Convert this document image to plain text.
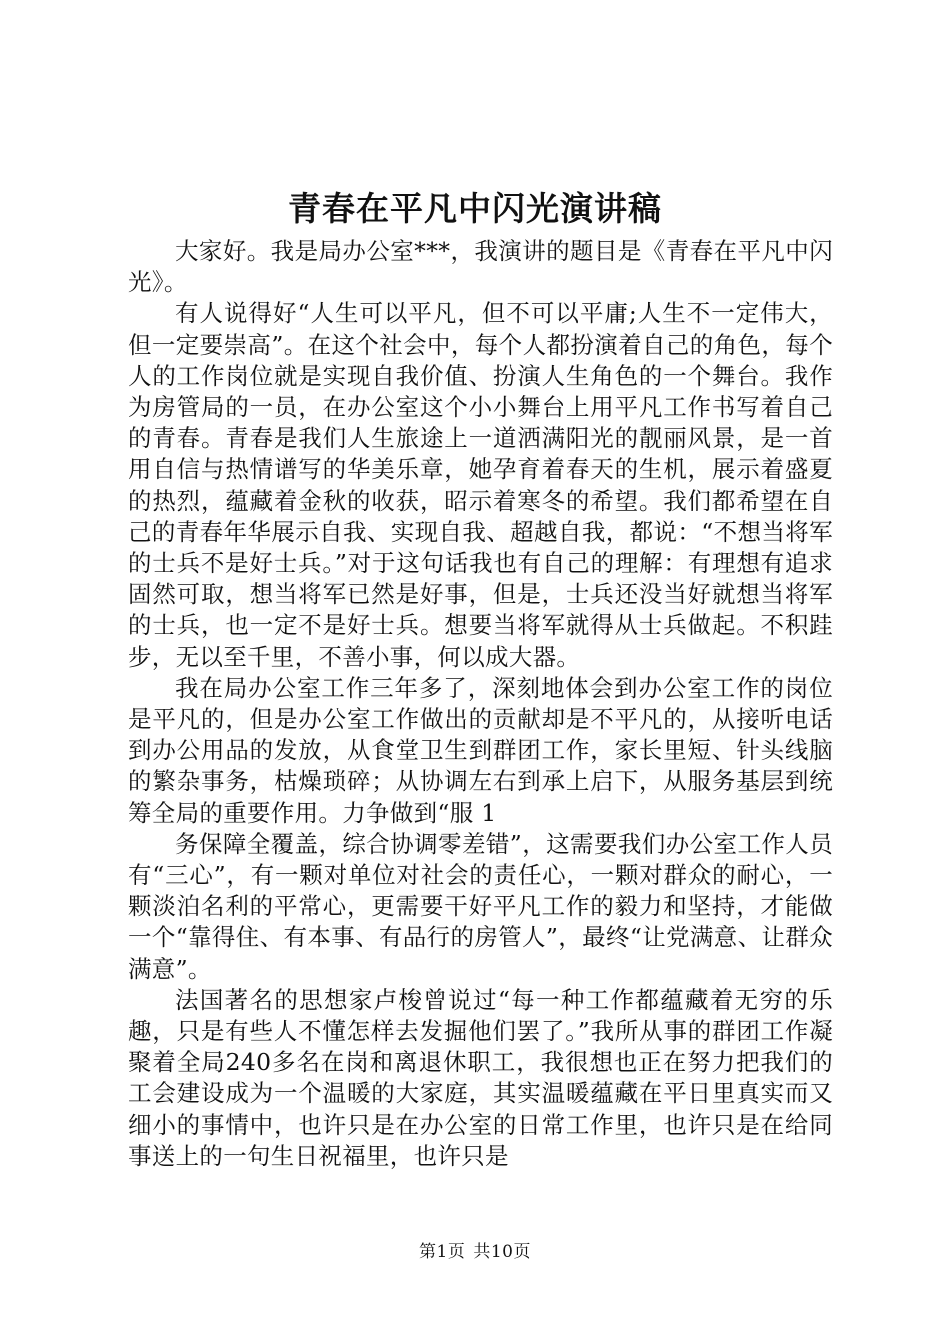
青春在平凡中闪光演讲稿

大家好。我是局办公室***，我演讲的题目是《青春在平凡中闪光》。

有人说得好“人生可以平凡，但不可以平庸;人生不一定伟大，但一定要崇高”。在这个社会中，每个人都扮演着自己的角色，每个人的工作岗位就是实现自我价值、扮演人生角色的一个舞台。我作为房管局的一员，在办公室这个小小舞台上用平凡工作书写着自己的青春。青春是我们人生旅途上一道洒满阳光的靓丽风景，是一首用自信与热情谱写的华美乐章，她孕育着春天的生机，展示着盛夏的热烈，蕴藏着金秋的收获，昭示着寒冬的希望。我们都希望在自己的青春年华展示自我、实现自我、超越自我，都说：“不想当将军的士兵不是好士兵。”对于这句话我也有自己的理解：有理想有追求固然可取，想当将军已然是好事，但是，士兵还没当好就想当将军的士兵，也一定不是好士兵。想要当将军就得从士兵做起。不积跬步，无以至千里，不善小事，何以成大器。

我在局办公室工作三年多了，深刻地体会到办公室工作的岗位是平凡的，但是办公室工作做出的贡献却是不平凡的，从接听电话到办公用品的发放，从食堂卫生到群团工作，家长里短、针头线脑的繁杂事务，枯燥琐碎；从协调左右到承上启下，从服务基层到统筹全局的重要作用。力争做到“服 1

务保障全覆盖，综合协调零差错”，这需要我们办公室工作人员有“三心”，有一颗对单位对社会的责任心，一颗对群众的耐心，一颗淡泊名利的平常心，更需要干好平凡工作的毅力和坚持，才能做一个“靠得住、有本事、有品行的房管人”，最终“让党满意、让群众满意”。

法国著名的思想家卢梭曾说过“每一种工作都蕴藏着无穷的乐趣，只是有些人不懂怎样去发掘他们罢了。”我所从事的群团工作凝聚着全局240多名在岗和离退休职工，我很想也正在努力把我们的工会建设成为一个温暖的大家庭，其实温暖蕴藏在平日里真实而又细小的事情中，也许只是在办公室的日常工作里，也许只是在给同事送上的一句生日祝福里，也许只是

第1页 共10页
